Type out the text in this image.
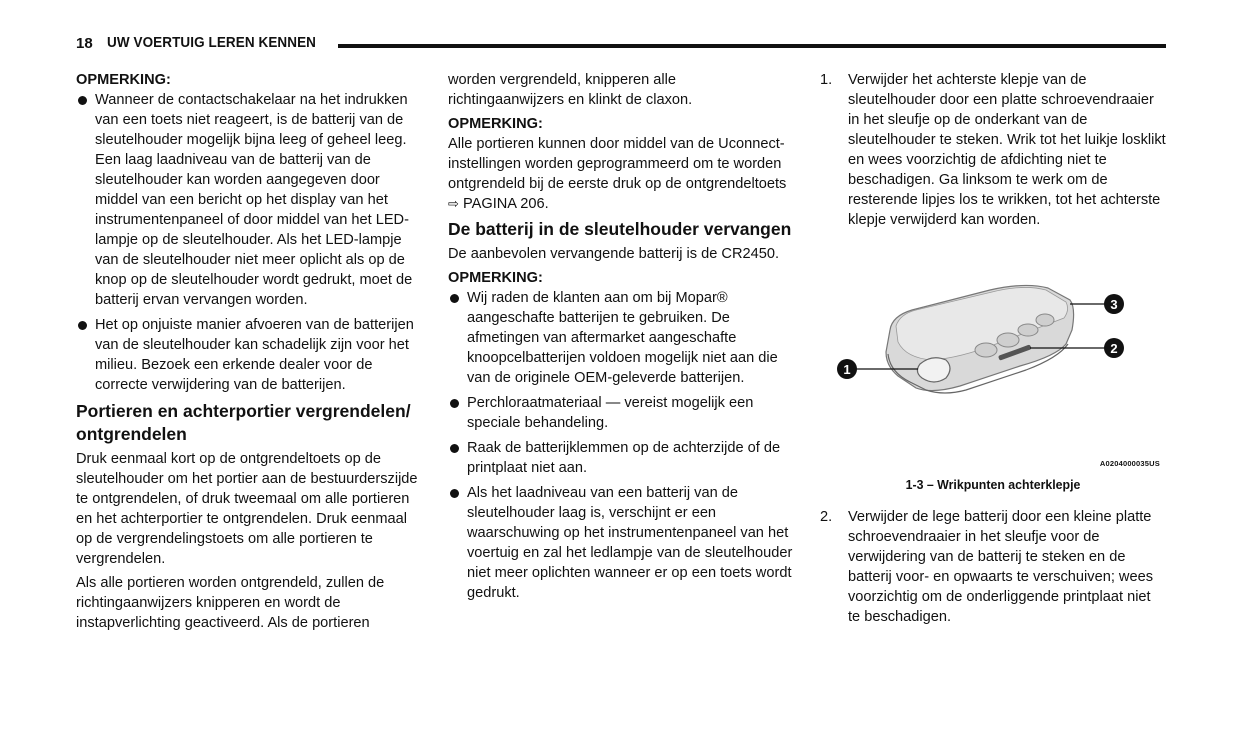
18 UW VOERTUIG LEREN KENNEN

OPMERKING:

Wanneer de contactschakelaar na het indrukken van een toets niet reageert, is de batterij van de sleutelhouder mogelijk bijna leeg of geheel leeg. Een laag laadniveau van de batterij van de sleutelhouder kan worden aangegeven door middel van een bericht op het display van het instrumentenpaneel of door middel van het LED-lampje op de sleutelhouder. Als het LED-lampje van de sleutelhouder niet meer oplicht als op de knop op de sleutelhouder wordt gedrukt, moet de batterij ervan vervangen worden.
Het op onjuiste manier afvoeren van de batterijen van de sleutelhouder kan schadelijk zijn voor het milieu. Bezoek een erkende dealer voor de correcte verwijdering van de batterijen.
Portieren en achterportier vergrendelen/ ontgrendelen

Druk eenmaal kort op de ontgrendeltoets op de sleutelhouder om het portier aan de bestuurderszijde te ontgrendelen, of druk tweemaal om alle portieren en het achterportier te ontgrendelen. Druk eenmaal op de vergrendelingstoets om alle portieren te vergrendelen.

Als alle portieren worden ontgrendeld, zullen de richtingaanwijzers knipperen en wordt de instapverlichting geactiveerd. Als de portieren

worden vergrendeld, knipperen alle richtingaanwijzers en klinkt de claxon.

OPMERKING:

Alle portieren kunnen door middel van de Uconnect-instellingen worden geprogrammeerd om te worden ontgrendeld bij de eerste druk op de ontgrendeltoets ⇨ PAGINA 206.

De batterij in de sleutelhouder vervangen

De aanbevolen vervangende batterij is de CR2450.

OPMERKING:

Wij raden de klanten aan om bij Mopar® aangeschafte batterijen te gebruiken. De afmetingen van aftermarket aangeschafte knoopcelbatterijen voldoen mogelijk niet aan die van de originele OEM-geleverde batterijen.
Perchloraatmateriaal — vereist mogelijk een speciale behandeling.
Raak de batterijklemmen op de achterzijde of de printplaat niet aan.
Als het laadniveau van een batterij van de sleutelhouder laag is, verschijnt er een waarschuwing op het instrumentenpaneel van het voertuig en zal het ledlampje van de sleutelhouder niet meer oplichten wanneer er op een toets wordt gedrukt.
1. Verwijder het achterste klepje van de sleutelhouder door een platte schroevendraaier in het sleufje op de onderkant van de sleutelhouder te steken. Wrik tot het luikje losklikt en wees voorzichtig de afdichting niet te beschadigen. Ga linksom te werk om de resterende lipjes los te wrikken, tot het achterste klepje verwijderd kan worden.
1
2
3
A0204000035US
1-3 – Wrikpunten achterklepje
2. Verwijder de lege batterij door een kleine platte schroevendraaier in het sleufje voor de verwijdering van de batterij te steken en de batterij voor- en opwaarts te verschuiven; wees voorzichtig om de onderliggende printplaat niet te beschadigen.
